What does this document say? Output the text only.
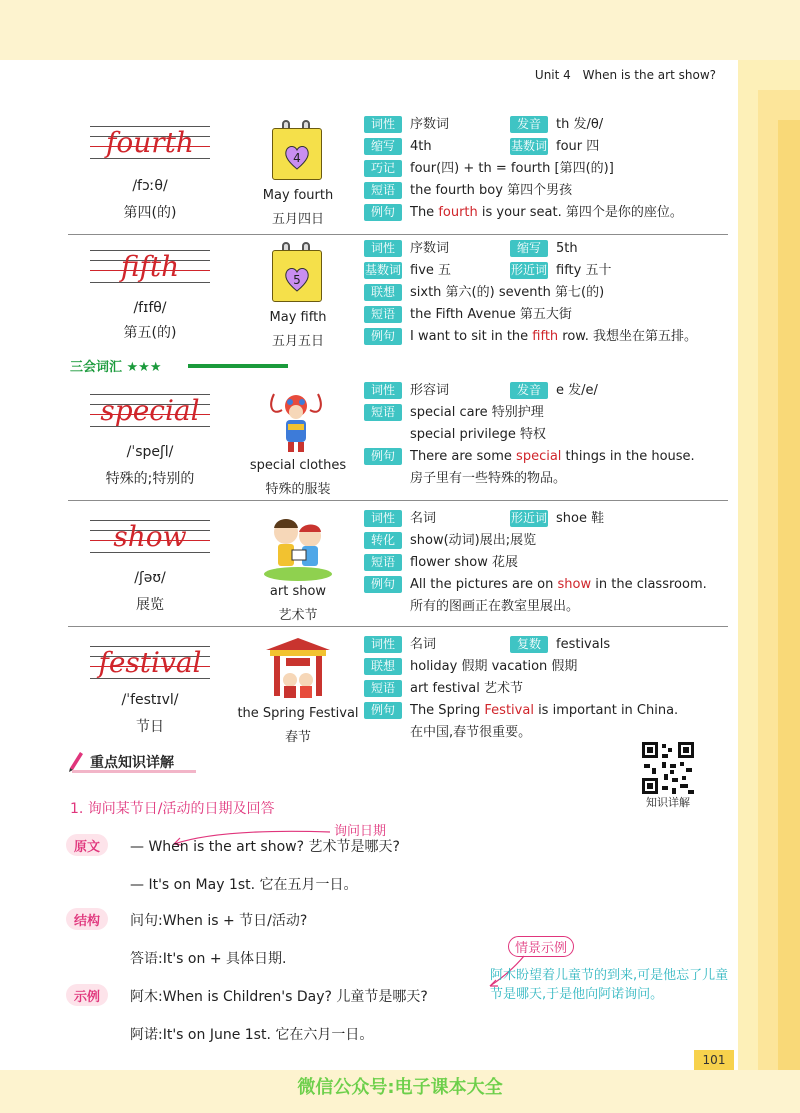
Unit 4 When is the art show?
fourth
/fɔːθ/
第四(的)
4
May fourth
五月四日
词性 序数词	发音 th 发/θ/
缩写 4th	基数词 four 四
巧记 four(四) + th = fourth [第四(的)]
短语 the fourth boy 第四个男孩
例句 The fourth is your seat. 第四个是你的座位。
fifth
/fɪfθ/
第五(的)
5
May fifth
五月五日
词性 序数词	缩写 5th
基数词 five 五	形近词 fifty 五十
联想 sixth 第六(的) seventh 第七(的)
短语 the Fifth Avenue 第五大街
例句 I want to sit in the fifth row. 我想坐在第五排。
三会词汇 ★★★
special
/ˈspeʃl/
特殊的;特别的
special clothes
特殊的服装
词性 形容词	发音 e 发/e/
短语 special care 特别护理
special privilege 特权
例句 There are some special things in the house.
房子里有一些特殊的物品。
show
/ʃəʊ/
展览
art show
艺术节
词性 名词	形近词 shoe 鞋
转化 show(动词)展出;展览
短语 flower show 花展
例句 All the pictures are on show in the classroom.
所有的图画正在教室里展出。
festival
/ˈfestɪvl/
节日
the Spring Festival
春节
词性 名词	复数 festivals
联想 holiday 假期 vacation 假期
短语 art festival 艺术节
例句 The Spring Festival is important in China.
在中国,春节很重要。
重点知识详解
知识详解
1. 询问某节日/活动的日期及回答
询问日期
原文	— When is the art show? 艺术节是哪天?
— It's on May 1st. 它在五月一日。
结构	问句:When is + 节日/活动?
答语:It's on + 具体日期.
情景示例
阿木盼望着儿童节的到来,可是他忘了儿童节是哪天,于是他向阿诺询问。
示例	阿木:When is Children's Day? 儿童节是哪天?
阿诺:It's on June 1st. 它在六月一日。
101
微信公众号:电子课本大全
